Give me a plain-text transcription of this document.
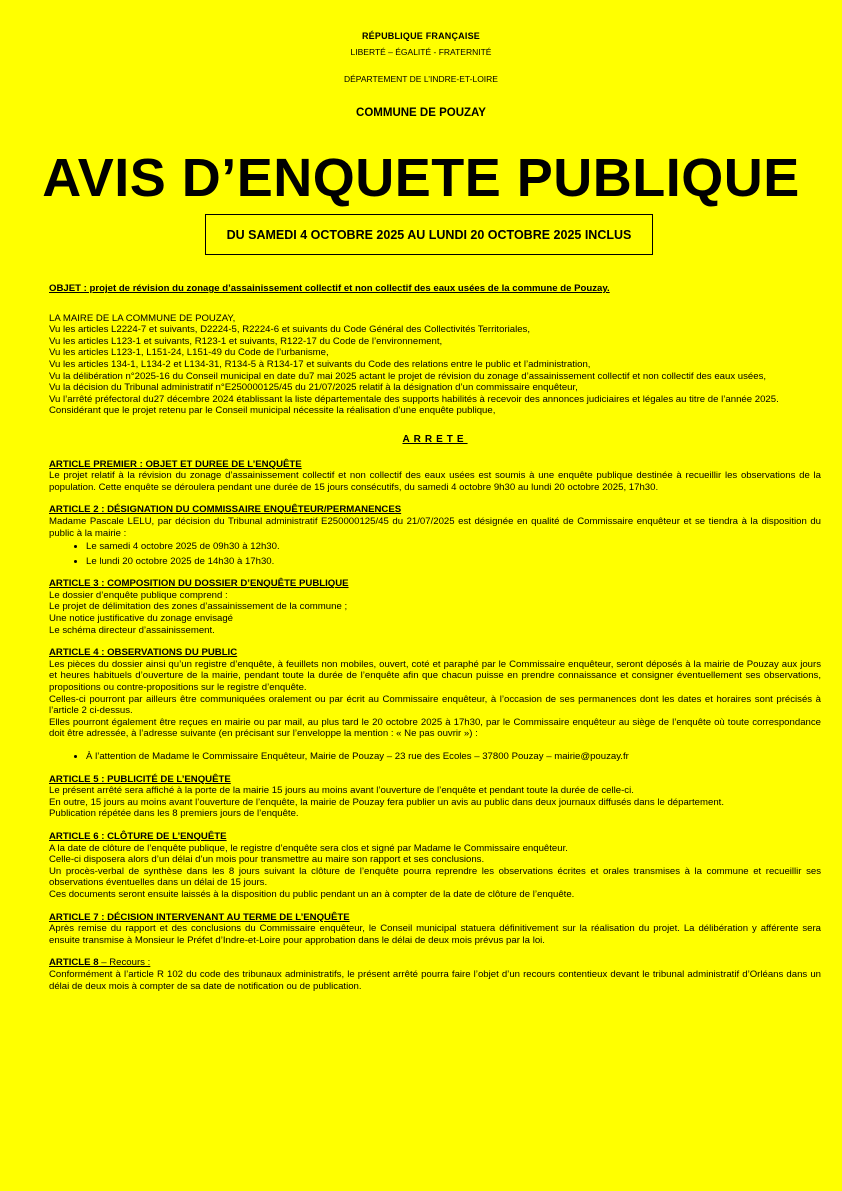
RÉPUBLIQUE FRANÇAISE
LIBERTÉ – ÉGALITÉ - FRATERNITÉ
DÉPARTEMENT DE L’INDRE-ET-LOIRE
COMMUNE DE POUZAY
AVIS D’ENQUETE PUBLIQUE
DU SAMEDI 4 OCTOBRE 2025 AU LUNDI 20 OCTOBRE 2025 INCLUS

OBJET : projet de révision du zonage d’assainissement collectif et non collectif des eaux usées de la commune de Pouzay.

LA MAIRE DE LA COMMUNE DE POUZAY,

Vu les articles L2224-7 et suivants, D2224-5, R2224-6 et suivants du Code Général des Collectivités Territoriales,

Vu les articles L123-1 et suivants, R123-1 et suivants, R122-17 du Code de l’environnement,

Vu les articles L123-1, L151-24, L151-49 du Code de l’urbanisme,

Vu les articles 134-1, L134-2 et L134-31, R134-5 à R134-17 et suivants du Code des relations entre le public et l’administration,

Vu la délibération n°2025-16 du Conseil municipal en date du7 mai 2025 actant le projet de révision du zonage d’assainissement collectif et non collectif des eaux usées,

Vu la décision du Tribunal administratif n°E250000125/45 du 21/07/2025 relatif à la désignation d’un commissaire enquêteur,

Vu l’arrêté préfectoral du27 décembre 2024 établissant la liste départementale des supports habilités à recevoir des annonces judiciaires et légales au titre de l’année 2025.

Considérant que le projet retenu par le Conseil municipal nécessite la réalisation d’une enquête publique,

ARRETE

ARTICLE PREMIER : OBJET ET DUREE DE L’ENQUÊTE

Le projet relatif à la révision du zonage d’assainissement collectif et non collectif des eaux usées est soumis à une enquête publique destinée à recueillir les observations de la population. Cette enquête se déroulera pendant une durée de 15 jours consécutifs, du samedi 4 octobre 9h30 au lundi 20 octobre 2025, 17h30.

ARTICLE 2 : DÉSIGNATION DU COMMISSAIRE ENQUÊTEUR/PERMANENCES

Madame Pascale LELU, par décision du Tribunal administratif E250000125/45 du 21/07/2025 est désignée en qualité de Commissaire enquêteur et se tiendra à la disposition du public à la mairie :

• Le samedi 4 octobre 2025 de 09h30 à 12h30.
• Le lundi 20 octobre 2025 de 14h30 à 17h30.

ARTICLE 3 : COMPOSITION DU DOSSIER D’ENQUÊTE PUBLIQUE

Le dossier d’enquête publique comprend :

Le projet de délimitation des zones d’assainissement de la commune ;

Une notice justificative du zonage envisagé

Le schéma directeur d’assainissement.

ARTICLE 4 : OBSERVATIONS DU PUBLIC

Les pièces du dossier ainsi qu’un registre d’enquête, à feuillets non mobiles, ouvert, coté et paraphé par le Commissaire enquêteur, seront déposés à la mairie de Pouzay aux jours et heures habituels d’ouverture de la mairie, pendant toute la durée de l’enquête afin que chacun puisse en prendre connaissance et consigner éventuellement ses observations, propositions ou contre-propositions sur le registre d’enquête.

Celles-ci pourront par ailleurs être communiquées oralement ou par écrit au Commissaire enquêteur, à l’occasion de ses permanences dont les dates et horaires sont précisés à l’article 2 ci-dessus.

Elles pourront également être reçues en mairie ou par mail, au plus tard le 20 octobre 2025 à 17h30, par le Commissaire enquêteur au siège de l’enquête où toute correspondance doit être adressée, à l’adresse suivante (en précisant sur l’enveloppe la mention : « Ne pas ouvrir ») :

• À l’attention de Madame le Commissaire Enquêteur, Mairie de Pouzay – 23 rue des Ecoles – 37800 Pouzay – mairie@pouzay.fr

ARTICLE 5 : PUBLICITÉ DE L’ENQUÊTE

Le présent arrêté sera affiché à la porte de la mairie 15 jours au moins avant l’ouverture de l’enquête et pendant toute la durée de celle-ci.

En outre, 15 jours au moins avant l’ouverture de l’enquête, la mairie de Pouzay fera publier un avis au public dans deux journaux diffusés dans le département.

Publication répétée dans les 8 premiers jours de l’enquête.

ARTICLE 6 : CLÔTURE DE L’ENQUÊTE

A la date de clôture de l’enquête publique, le registre d’enquête sera clos et signé par Madame le Commissaire enquêteur.

Celle-ci disposera alors d’un délai d’un mois pour transmettre au maire son rapport et ses conclusions.

Un procès-verbal de synthèse dans les 8 jours suivant la clôture de l’enquête pourra reprendre les observations écrites et orales transmises à la commune et recueillir ses observations éventuelles dans un délai de 15 jours.

Ces documents seront ensuite laissés à la disposition du public pendant un an à compter de la date de clôture de l’enquête.

ARTICLE 7 : DÉCISION INTERVENANT AU TERME DE L’ENQUÊTE

Après remise du rapport et des conclusions du Commissaire enquêteur, le Conseil municipal statuera définitivement sur la réalisation du projet. La délibération y afférente sera ensuite transmise à Monsieur le Préfet d’Indre-et-Loire pour approbation dans le délai de deux mois prévus par la loi.

ARTICLE 8 – Recours :

Conformément à l’article R 102 du code des tribunaux administratifs, le présent arrêté pourra faire l’objet d’un recours contentieux devant le tribunal administratif d’Orléans dans un délai de deux mois à compter de sa date de notification ou de publication.
